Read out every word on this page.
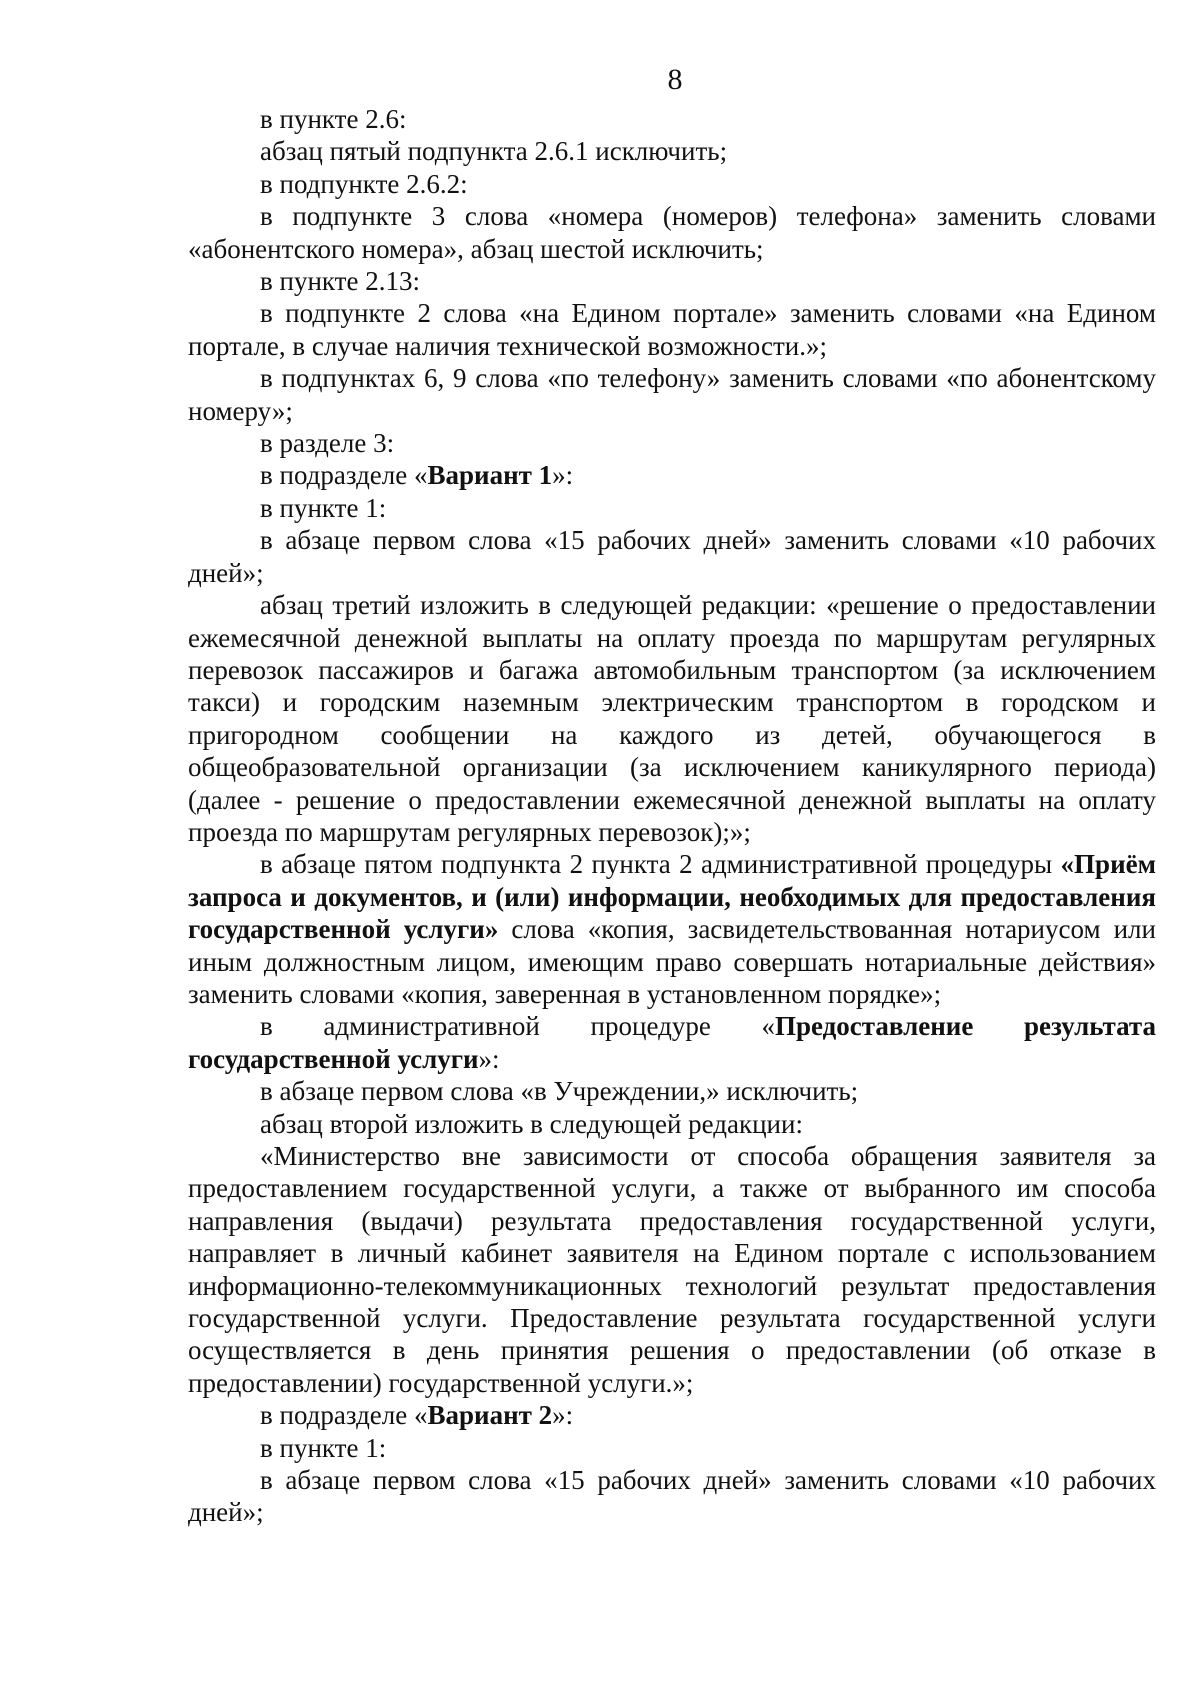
8

в пункте 2.6:

абзац пятый подпункта 2.6.1 исключить;

в подпункте 2.6.2:

в подпункте 3 слова «номера (номеров) телефона» заменить словами «абонентского номера», абзац шестой исключить;

в пункте 2.13:

в подпункте 2 слова «на Едином портале» заменить словами «на Едином портале, в случае наличия технической возможности.»;

в подпунктах 6, 9 слова «по телефону» заменить словами «по абонентскому номеру»;

в разделе 3:

в подразделе «Вариант 1»:

в пункте 1:

в абзаце первом слова «15 рабочих дней» заменить словами «10 рабочих дней»;

абзац третий изложить в следующей редакции: «решение о предоставлении ежемесячной денежной выплаты на оплату проезда по маршрутам регулярных перевозок пассажиров и багажа автомобильным транспортом (за исключением такси) и городским наземным электрическим транспортом в городском и пригородном сообщении на каждого из детей, обучающегося в общеобразовательной организации (за исключением каникулярного периода) (далее - решение о предоставлении ежемесячной денежной выплаты на оплату проезда по маршрутам регулярных перевозок);»;

в абзаце пятом подпункта 2 пункта 2 административной процедуры «Приём запроса и документов, и (или) информации, необходимых для предоставления государственной услуги» слова «копия, засвидетельствованная нотариусом или иным должностным лицом, имеющим право совершать нотариальные действия» заменить словами «копия, заверенная в установленном порядке»;

в административной процедуре «Предоставление результата государственной услуги»:

в абзаце первом слова «в Учреждении,» исключить;

абзац второй изложить в следующей редакции:

«Министерство вне зависимости от способа обращения заявителя за предоставлением государственной услуги, а также от выбранного им способа направления (выдачи) результата предоставления государственной услуги, направляет в личный кабинет заявителя на Едином портале с использованием информационно-телекоммуникационных технологий результат предоставления государственной услуги. Предоставление результата государственной услуги осуществляется в день принятия решения о предоставлении (об отказе в предоставлении) государственной услуги.»;

в подразделе «Вариант 2»:

в пункте 1:

в абзаце первом слова «15 рабочих дней» заменить словами «10 рабочих дней»;
